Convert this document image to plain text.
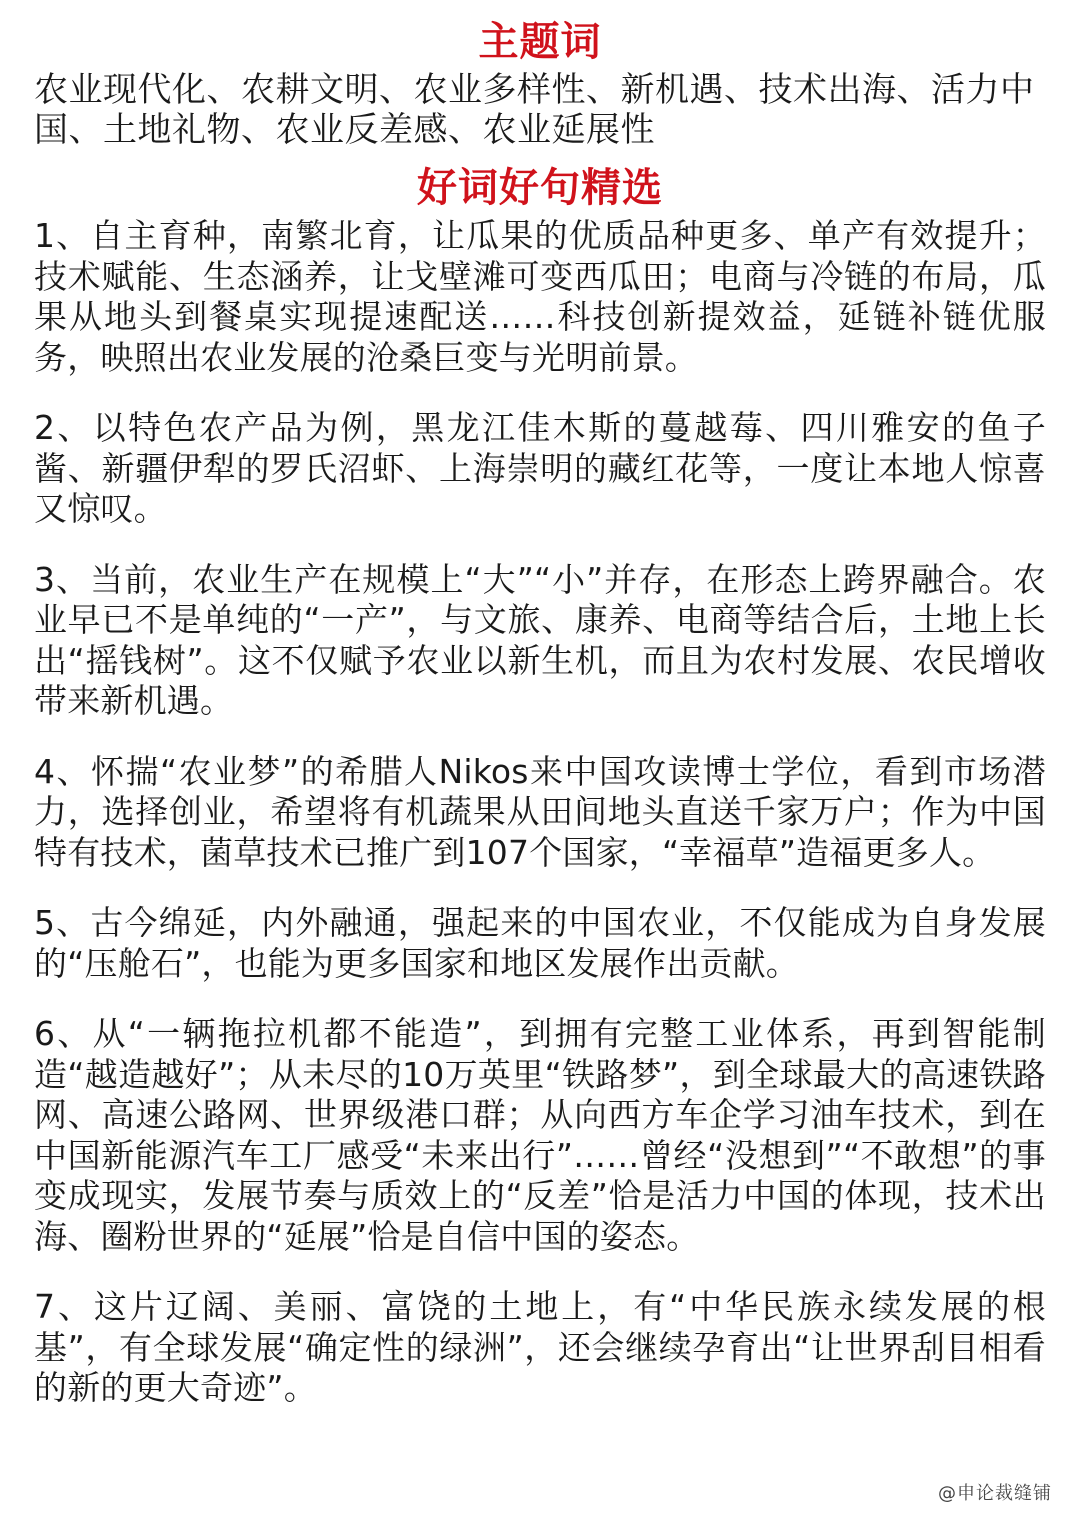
主题词

农业现代化、农耕文明、农业多样性、新机遇、技术出海、活力中国、土地礼物、农业反差感、农业延展性

好词好句精选

1、自主育种，南繁北育，让瓜果的优质品种更多、单产有效提升；技术赋能、生态涵养，让戈壁滩可变西瓜田；电商与冷链的布局，瓜果从地头到餐桌实现提速配送……科技创新提效益，延链补链优服务，映照出农业发展的沧桑巨变与光明前景。

2、以特色农产品为例，黑龙江佳木斯的蔓越莓、四川雅安的鱼子酱、新疆伊犁的罗氏沼虾、上海崇明的藏红花等，一度让本地人惊喜又惊叹。

3、当前，农业生产在规模上“大”“小”并存，在形态上跨界融合。农业早已不是单纯的“一产”，与文旅、康养、电商等结合后，土地上长出“摇钱树”。这不仅赋予农业以新生机，而且为农村发展、农民增收带来新机遇。

4、怀揣“农业梦”的希腊人Nikos来中国攻读博士学位，看到市场潜力，选择创业，希望将有机蔬果从田间地头直送千家万户；作为中国特有技术，菌草技术已推广到107个国家，“幸福草”造福更多人。

5、古今绵延，内外融通，强起来的中国农业，不仅能成为自身发展的“压舱石”，也能为更多国家和地区发展作出贡献。

6、从“一辆拖拉机都不能造”，到拥有完整工业体系，再到智能制造“越造越好”；从未尽的10万英里“铁路梦”，到全球最大的高速铁路网、高速公路网、世界级港口群；从向西方车企学习油车技术，到在中国新能源汽车工厂感受“未来出行”……曾经“没想到”“不敢想”的事变成现实，发展节奏与质效上的“反差”恰是活力中国的体现，技术出海、圈粉世界的“延展”恰是自信中国的姿态。

7、这片辽阔、美丽、富饶的土地上，有“中华民族永续发展的根基”，有全球发展“确定性的绿洲”，还会继续孕育出“让世界刮目相看的新的更大奇迹”。

@申论裁缝铺
